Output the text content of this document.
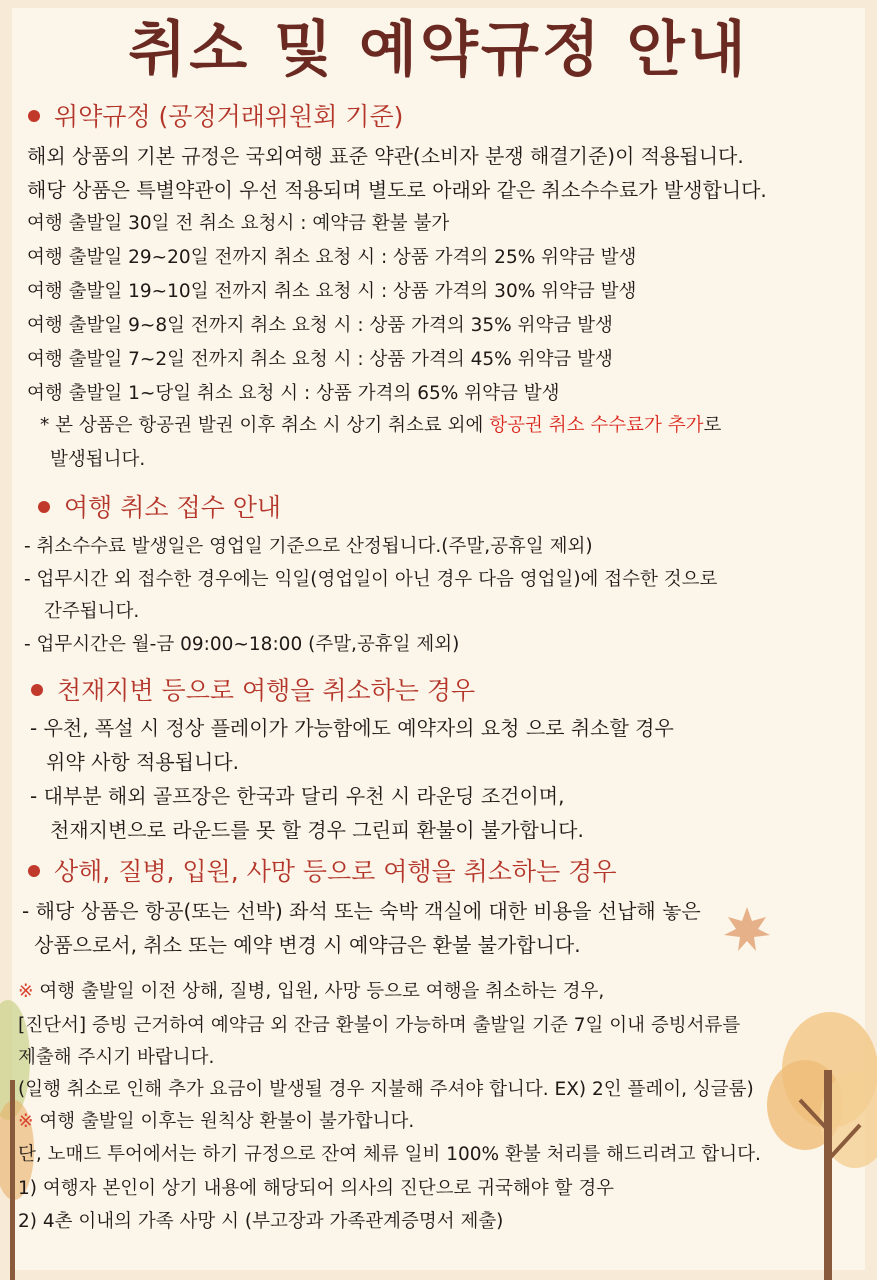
취소 및 예약규정 안내
위약규정 (공정거래위원회 기준)
해외 상품의 기본 규정은 국외여행 표준 약관(소비자 분쟁 해결기준)이 적용됩니다.
해당 상품은 특별약관이 우선 적용되며 별도로 아래와 같은 취소수수료가 발생합니다.
여행 출발일 30일 전 취소 요청시 : 예약금 환불 불가
여행 출발일 29~20일 전까지 취소 요청 시 : 상품 가격의 25% 위약금 발생
여행 출발일 19~10일 전까지 취소 요청 시 : 상품 가격의 30% 위약금 발생
여행 출발일 9~8일 전까지 취소 요청 시 : 상품 가격의 35% 위약금 발생
여행 출발일 7~2일 전까지 취소 요청 시 : 상품 가격의 45% 위약금 발생
여행 출발일 1~당일 취소 요청 시 : 상품 가격의 65% 위약금 발생
* 본 상품은 항공권 발권 이후 취소 시 상기 취소료 외에 항공권 취소 수수료가 추가로
발생됩니다.
여행 취소 접수 안내
- 취소수수료 발생일은 영업일 기준으로 산정됩니다.(주말,공휴일 제외)
- 업무시간 외 접수한 경우에는 익일(영업일이 아닌 경우 다음 영업일)에 접수한 것으로
간주됩니다.
- 업무시간은 월-금 09:00~18:00 (주말,공휴일 제외)
천재지변 등으로 여행을 취소하는 경우
- 우천, 폭설 시 정상 플레이가 가능함에도 예약자의 요청 으로 취소할 경우
위약 사항 적용됩니다.
- 대부분 해외 골프장은 한국과 달리 우천 시 라운딩 조건이며,
천재지변으로 라운드를 못 할 경우 그린피 환불이 불가합니다.
상해, 질병, 입원, 사망 등으로 여행을 취소하는 경우
- 해당 상품은 항공(또는 선박) 좌석 또는 숙박 객실에 대한 비용을 선납해 놓은
상품으로서, 취소 또는 예약 변경 시 예약금은 환불 불가합니다.
※ 여행 출발일 이전 상해, 질병, 입원, 사망 등으로 여행을 취소하는 경우,
[진단서] 증빙 근거하여 예약금 외 잔금 환불이 가능하며 출발일 기준 7일 이내 증빙서류를
제출해 주시기 바랍니다.
(일행 취소로 인해 추가 요금이 발생될 경우 지불해 주셔야 합니다. EX) 2인 플레이, 싱글룸)
※ 여행 출발일 이후는 원칙상 환불이 불가합니다.
단, 노매드 투어에서는 하기 규정으로 잔여 체류 일비 100% 환불 처리를 해드리려고 합니다.
1) 여행자 본인이 상기 내용에 해당되어 의사의 진단으로 귀국해야 할 경우
2) 4촌 이내의 가족 사망 시 (부고장과 가족관계증명서 제출)
